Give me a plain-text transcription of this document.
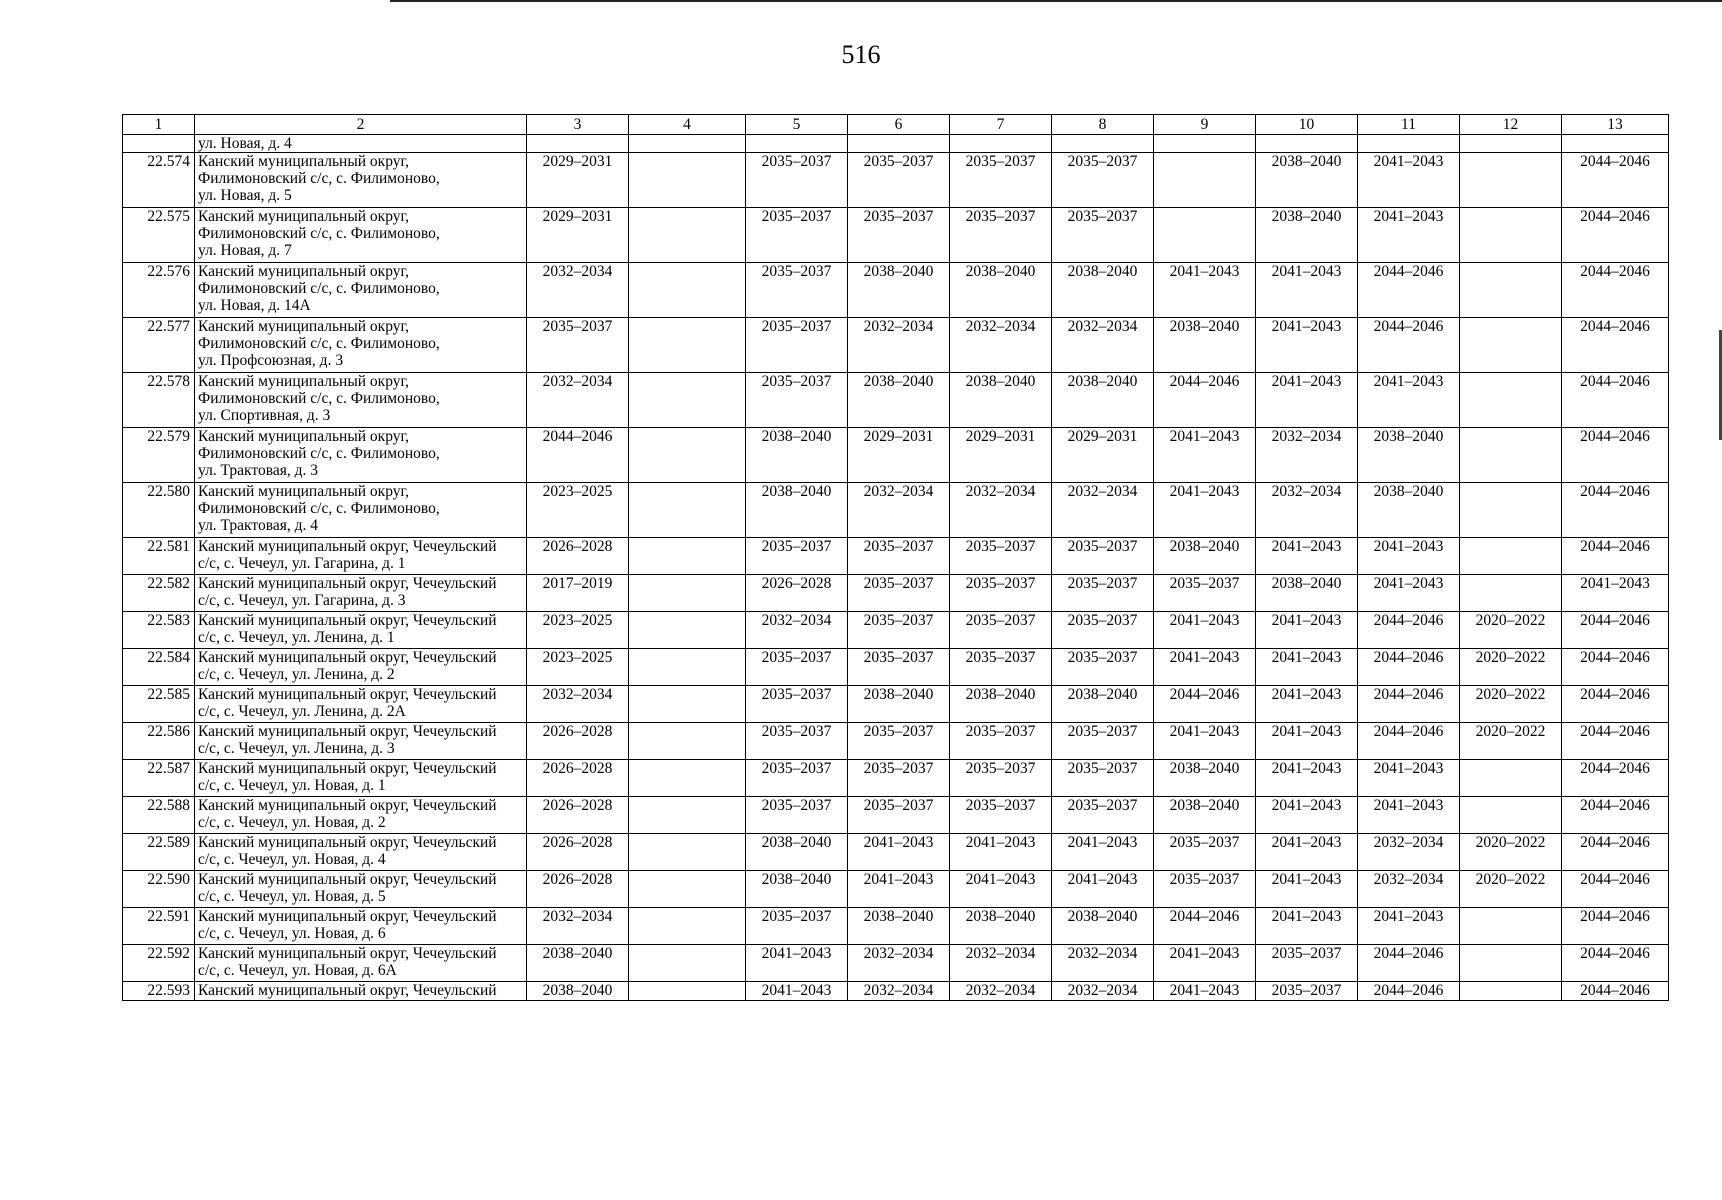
516
1	2	3	4	5	6	7	8	9	10	11	12	13

	ул. Новая, д. 4											

22.574	Канский муниципальный округ,
Филимоновский с/с, с. Филимоново,
ул. Новая, д. 5	2029–2031		2035–2037	2035–2037	2035–2037	2035–2037		2038–2040	2041–2043		2044–2046
22.575	Канский муниципальный округ,
Филимоновский с/с, с. Филимоново,
ул. Новая, д. 7	2029–2031		2035–2037	2035–2037	2035–2037	2035–2037		2038–2040	2041–2043		2044–2046
22.576	Канский муниципальный округ,
Филимоновский с/с, с. Филимоново,
ул. Новая, д. 14А	2032–2034		2035–2037	2038–2040	2038–2040	2038–2040	2041–2043	2041–2043	2044–2046		2044–2046
22.577	Канский муниципальный округ,
Филимоновский с/с, с. Филимоново,
ул. Профсоюзная, д. 3	2035–2037		2035–2037	2032–2034	2032–2034	2032–2034	2038–2040	2041–2043	2044–2046		2044–2046
22.578	Канский муниципальный округ,
Филимоновский с/с, с. Филимоново,
ул. Спортивная, д. 3	2032–2034		2035–2037	2038–2040	2038–2040	2038–2040	2044–2046	2041–2043	2041–2043		2044–2046
22.579	Канский муниципальный округ,
Филимоновский с/с, с. Филимоново,
ул. Трактовая, д. 3	2044–2046		2038–2040	2029–2031	2029–2031	2029–2031	2041–2043	2032–2034	2038–2040		2044–2046
22.580	Канский муниципальный округ,
Филимоновский с/с, с. Филимоново,
ул. Трактовая, д. 4	2023–2025		2038–2040	2032–2034	2032–2034	2032–2034	2041–2043	2032–2034	2038–2040		2044–2046
22.581	Канский муниципальный округ, Чечеульский
с/с, с. Чечеул, ул. Гагарина, д. 1	2026–2028		2035–2037	2035–2037	2035–2037	2035–2037	2038–2040	2041–2043	2041–2043		2044–2046
22.582	Канский муниципальный округ, Чечеульский
с/с, с. Чечеул, ул. Гагарина, д. 3	2017–2019		2026–2028	2035–2037	2035–2037	2035–2037	2035–2037	2038–2040	2041–2043		2041–2043
22.583	Канский муниципальный округ, Чечеульский
с/с, с. Чечеул, ул. Ленина, д. 1	2023–2025		2032–2034	2035–2037	2035–2037	2035–2037	2041–2043	2041–2043	2044–2046	2020–2022	2044–2046
22.584	Канский муниципальный округ, Чечеульский
с/с, с. Чечеул, ул. Ленина, д. 2	2023–2025		2035–2037	2035–2037	2035–2037	2035–2037	2041–2043	2041–2043	2044–2046	2020–2022	2044–2046
22.585	Канский муниципальный округ, Чечеульский
с/с, с. Чечеул, ул. Ленина, д. 2А	2032–2034		2035–2037	2038–2040	2038–2040	2038–2040	2044–2046	2041–2043	2044–2046	2020–2022	2044–2046
22.586	Канский муниципальный округ, Чечеульский
с/с, с. Чечеул, ул. Ленина, д. 3	2026–2028		2035–2037	2035–2037	2035–2037	2035–2037	2041–2043	2041–2043	2044–2046	2020–2022	2044–2046
22.587	Канский муниципальный округ, Чечеульский
с/с, с. Чечеул, ул. Новая, д. 1	2026–2028		2035–2037	2035–2037	2035–2037	2035–2037	2038–2040	2041–2043	2041–2043		2044–2046
22.588	Канский муниципальный округ, Чечеульский
с/с, с. Чечеул, ул. Новая, д. 2	2026–2028		2035–2037	2035–2037	2035–2037	2035–2037	2038–2040	2041–2043	2041–2043		2044–2046
22.589	Канский муниципальный округ, Чечеульский
с/с, с. Чечеул, ул. Новая, д. 4	2026–2028		2038–2040	2041–2043	2041–2043	2041–2043	2035–2037	2041–2043	2032–2034	2020–2022	2044–2046
22.590	Канский муниципальный округ, Чечеульский
с/с, с. Чечеул, ул. Новая, д. 5	2026–2028		2038–2040	2041–2043	2041–2043	2041–2043	2035–2037	2041–2043	2032–2034	2020–2022	2044–2046
22.591	Канский муниципальный округ, Чечеульский
с/с, с. Чечеул, ул. Новая, д. 6	2032–2034		2035–2037	2038–2040	2038–2040	2038–2040	2044–2046	2041–2043	2041–2043		2044–2046
22.592	Канский муниципальный округ, Чечеульский
с/с, с. Чечеул, ул. Новая, д. 6А	2038–2040		2041–2043	2032–2034	2032–2034	2032–2034	2041–2043	2035–2037	2044–2046		2044–2046
22.593	Канский муниципальный округ, Чечеульский	2038–2040		2041–2043	2032–2034	2032–2034	2032–2034	2041–2043	2035–2037	2044–2046		2044–2046
